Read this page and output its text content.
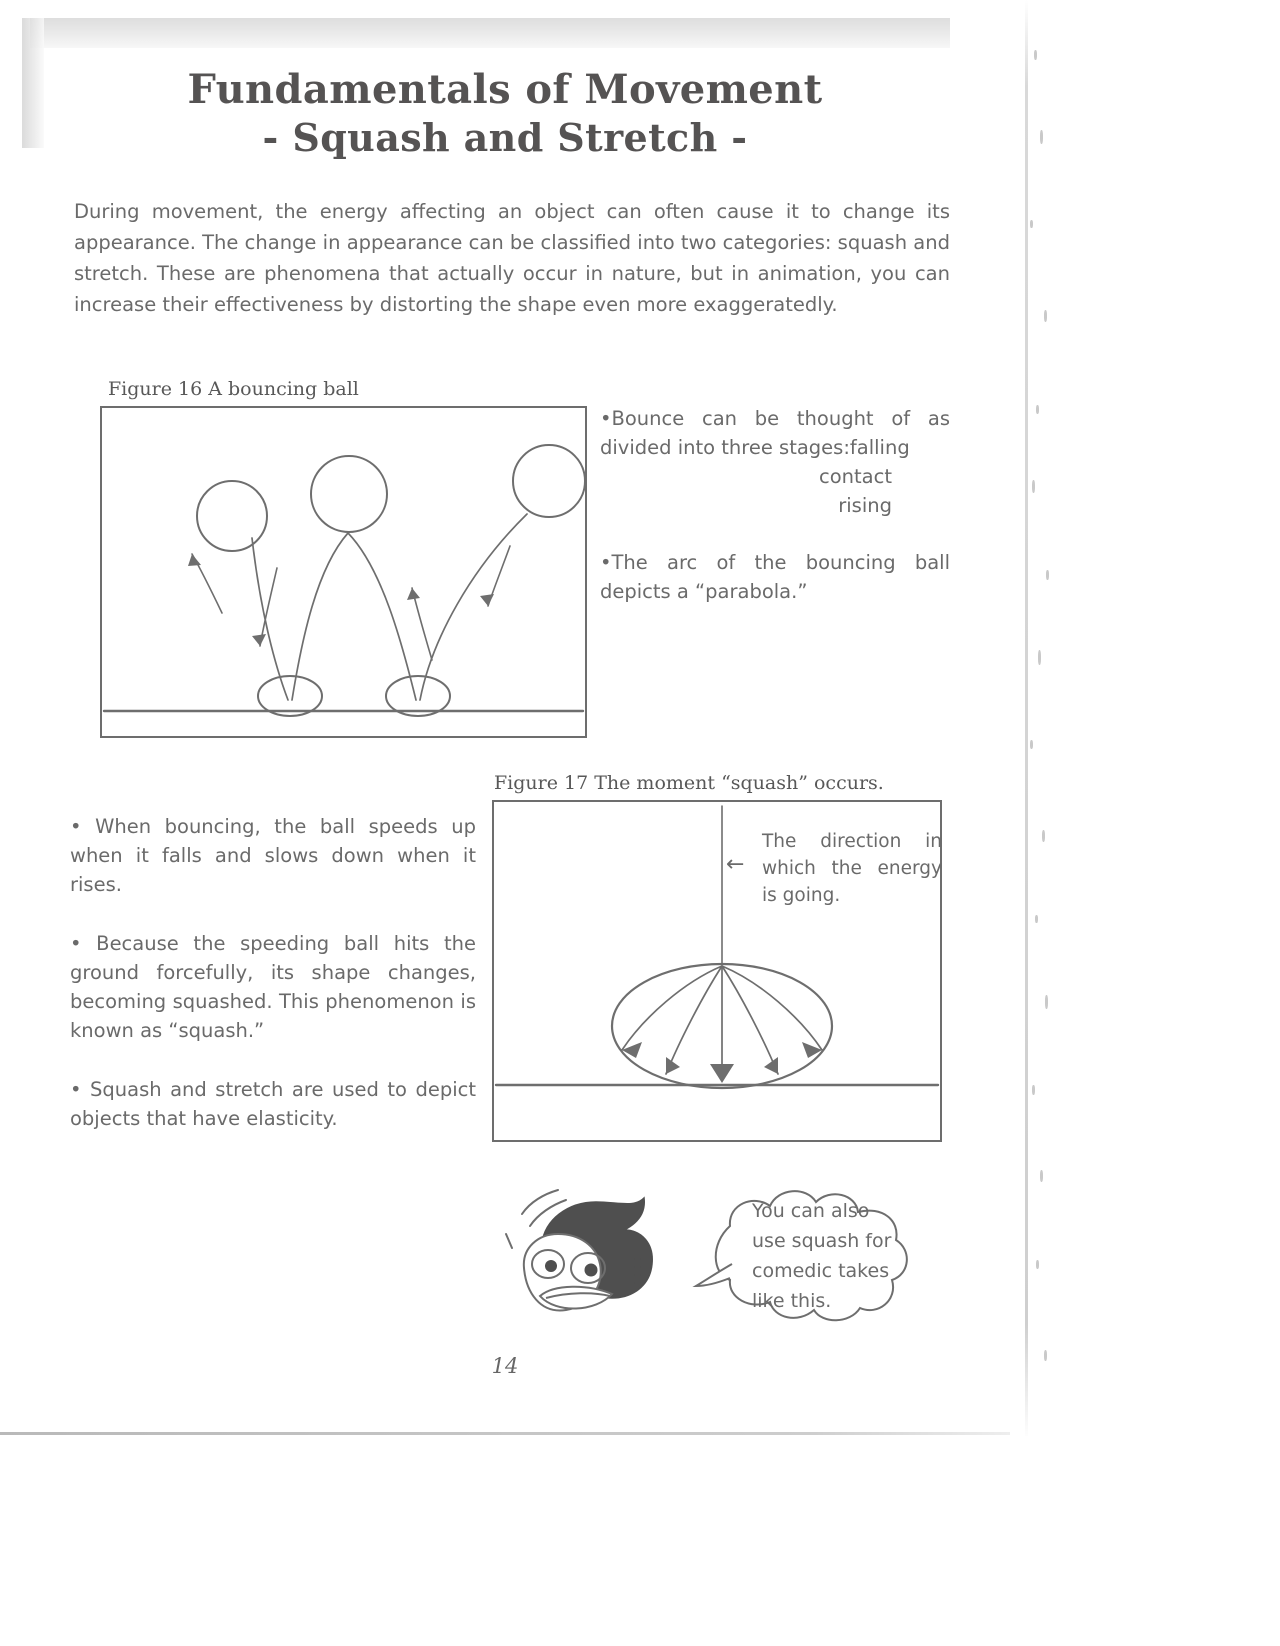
Fundamentals of Movement
- Squash and Stretch -
During movement, the energy affecting an object can often cause it to change its appearance. The change in appearance can be classified into two categories: squash and stretch. These are phenomena that actually occur in nature, but in animation, you can increase their effectiveness by distorting the shape even more exaggeratedly.
Figure 16 A bouncing ball
•Bounce can be thought of as divided into three stages:falling
contact
rising
•The arc of the bouncing ball depicts a “parabola.”

• When bouncing, the ball speeds up when it falls and slows down when it rises.

• Because the speeding ball hits the ground forcefully, its shape changes, becoming squashed. This phenomenon is known as “squash.”

• Squash and stretch are used to depict objects that have elasticity.

Figure 17 The moment “squash” occurs.
←
The direction in which the energy is going.
You can also
use squash for
comedic takes
like this.
14
